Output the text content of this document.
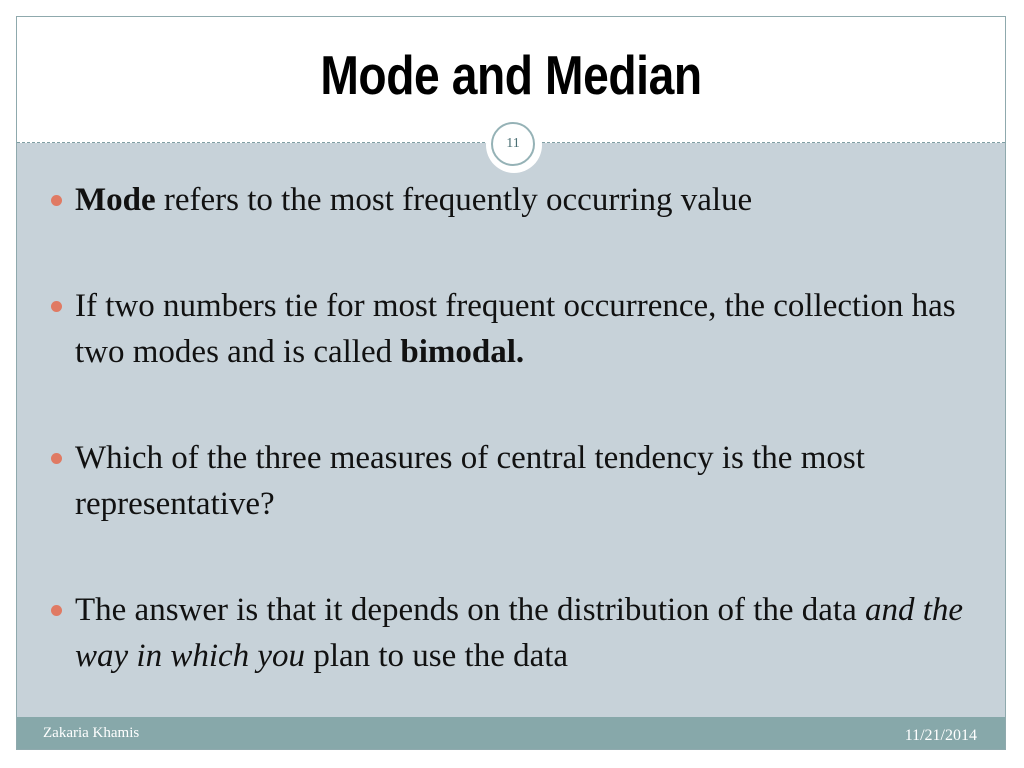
Mode and Median
11
Mode refers to the most frequently occurring value
If two numbers tie for most frequent occurrence, the collection has two modes and is called bimodal.
Which of the three measures of central tendency is the most representative?
The answer is that it depends on the distribution of the data and the way in which you plan to use the data
Zakaria Khamis	11/21/2014
